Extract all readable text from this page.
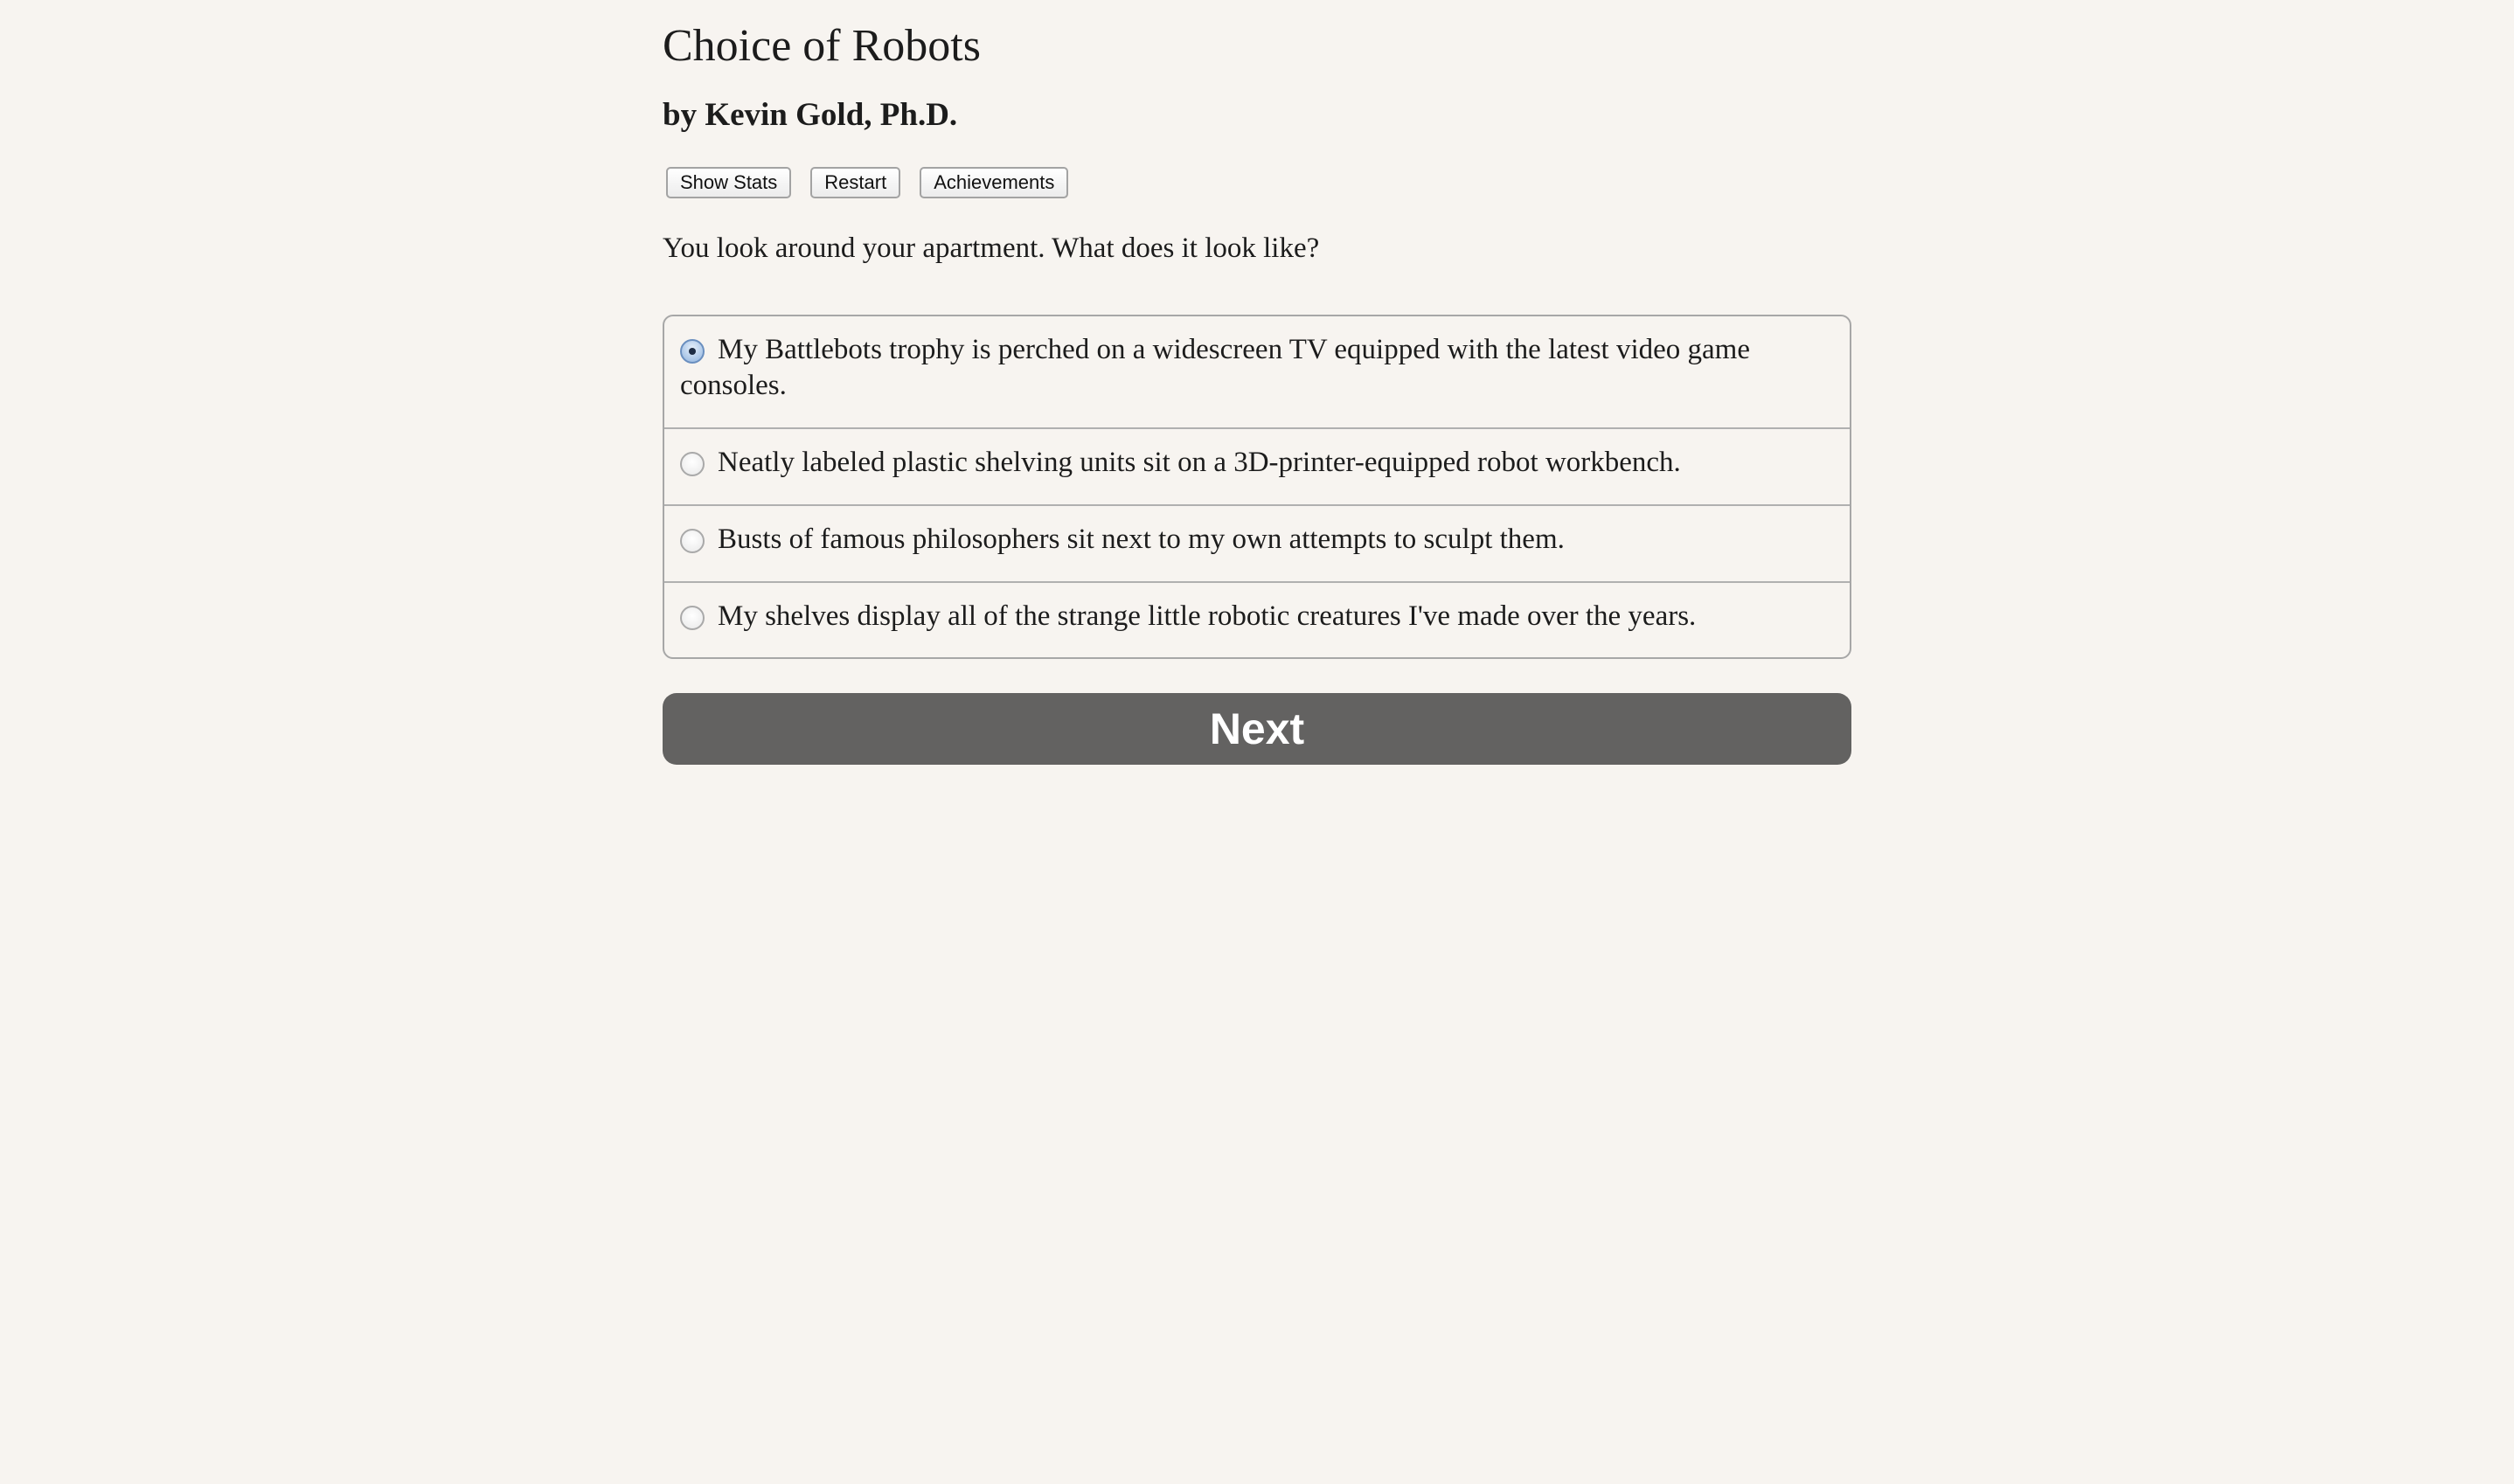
Choice of Robots
by Kevin Gold, Ph.D.
Show Stats	Restart	Achievements

You look around your apartment. What does it look like?

My Battlebots trophy is perched on a widescreen TV equipped with the latest video game consoles.
Neatly labeled plastic shelving units sit on a 3D-printer-equipped robot workbench.
Busts of famous philosophers sit next to my own attempts to sculpt them.
My shelves display all of the strange little robotic creatures I've made over the years.
Next
